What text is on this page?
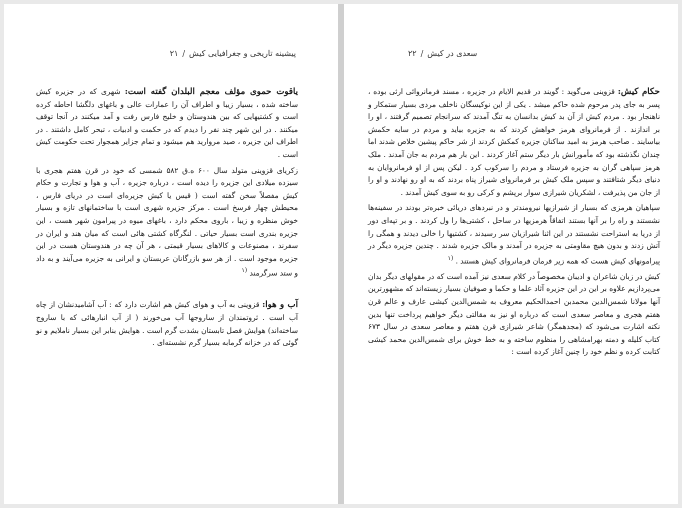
پیشینه تاریخی و جغرافیایی کیش
/
۲۱

یاقوت حموی مؤلف معجم البلدان گفته است: شهری که در جزیره کیش ساخته شده ، بسیار زیبا و اطراف آن را عمارات عالی و باغهای دلگشا احاطه کرده است و کشتیهایی که بین هندوستان و خلیج فارس رفت و آمد میکنند در آنجا توقف میکنند . در این شهر چند نفر را دیدم که در حکمت و ادبیات ، تبحر کامل داشتند . در اطراف این جزیره ، صید مروارید هم میشود و تمام جزایر همجوار تحت حکومت کیش است .

زکریای قزوینی متولد سال ۶۰۰ ه.ق ۵۸۲ شمسی که خود در قرن هفتم هجری با سیزده میلادی این جزیره را دیده است ، درباره جزیره ، آب و هوا و تجارت و حکام کیش مفصلاً سخن گفته است ( قیس یا کیش جزیره‌ای است در دریای فارس ، محیطش چهار فرسخ است . مرکز جزیره شهری است با ساختمانهای تازه و بسیار خوش منظره و زیبا ، باروی محکم دارد ، باغهای میوه در پیرامون شهر هست ، این جزیره بندری است بسیار حیاتی . لنگرگاه کشتی هائی است که میان هند و ایران در سفرند ، مصنوعات و کالاهای بسیار قیمتی ، هر آن چه در هندوستان هست در این جزیره موجود است . از هر سو بازرگانان عربستان و ایرانی به جزیره می‌آیند و به داد و ستد سرگرمند $^{(۱}$

آب و هوا: قزوینی به آب و هوای کیش هم اشارت دارد که : آب آشامیدنشان از چاه آب است . ثروتمندان از ساروجها آب می‌خورند ( از آب انبارهائی که با ساروج ساخته‌اند) هوایش فصل تابستان بشدت گرم است . هوایش بنابر این بسیار ناملایم و نو گوئی که در خزانه گرمابه بسیار گرم نشسته‌ای .

سعدی در کیش
/
۲۲

حکام کیش: قزوینی می‌گوید : گویند در قدیم الایام در جزیره ، مسند فرمانروائی ارثی بوده ، پسر به جای پدر مرحوم شده حاکم میشد . یکی از این نوکیسگان ناخلف مردی بسیار ستمکار و ناهنجار بود . مردم کیش از آن بد کیش بدانسان به تنگ آمدند که سرانجام تصمیم گرفتند ، او را بر اندازند . از فرمانروای هرمز خواهش کردند که به جزیره بیاید و مردم در سایه حکمش بیاسایند . صاحب هرمز به امید ساکنان جزیره کمکش کردند از شر حاکم پیشین خلاص شدند اما چندان نگذشته بود که مأمورانش بار دیگر ستم آغاز کردند . این بار هم مردم به جان آمدند . ملک هرمز سپاهی گران به جزیره فرستاد و مردم را سرکوب کرد . لیکن پس از او فرمانروایان به دنیای دیگر شتافتند و سپس ملک کیش بر فرمانروای شیراز پناه بردند که به او رو نهادند و او را از جان من پذیرفت ، لشکریان شیرازی سوار برپشم و کرکی رو به سوی کیش آمدند .

سپاهیان هرمزی که بسیار از شیرازیها نیرومندتر و در نبردهای دریائی خبره‌تر بودند در سفینه‌ها نشستند و راه را بر آنها بستند اتفاقاً هرمزیها در ساحل ، کشتی‌ها را ول کردند . و بر تپه‌ای دور از دریا به استراحت نشستند در این اثنا شیرازیان سر رسیدند ، کشتیها را خالی دیدند و همگی را آتش زدند و بدون هیچ مقاومتی به جزیره در آمدند و مالک جزیره شدند . چندین جزیره دیگر در پیرامونهای کیش هست که همه زیر فرمان فرمانروای کیش هستند . $^{(۱}$

کیش در زبان شاعران و ادیبان مخصوصاً در کلام سعدی نیز آمده است که در مقولهای دیگر بدان می‌پردازیم علاوه بر این در این جزیره آثاد علما و حکما و صوفیان بسیار زیسته‌اند که مشهورترین آنها مولانا شمس‌الدین محمدبن احمدالحکیم معروف به شمس‌الدین کیشی عارف و عالم قرن هفتم هجری و معاصر سعدی است که درباره او نیز به مقالتی دیگر خواهیم پرداخت تنها بدین نکته اشارت می‌شود که (مجدهمگر) شاعر شیرازی قرن هفتم و معاصر سعدی در سال ۶۷۳ کتاب کلیله و دمنه بهرامشاهی را منظوم ساخته و به خط خوش برای شمس‌الدین محمد کیشی کتابت کرده و نظم خود را چنین آغاز کرده است :
